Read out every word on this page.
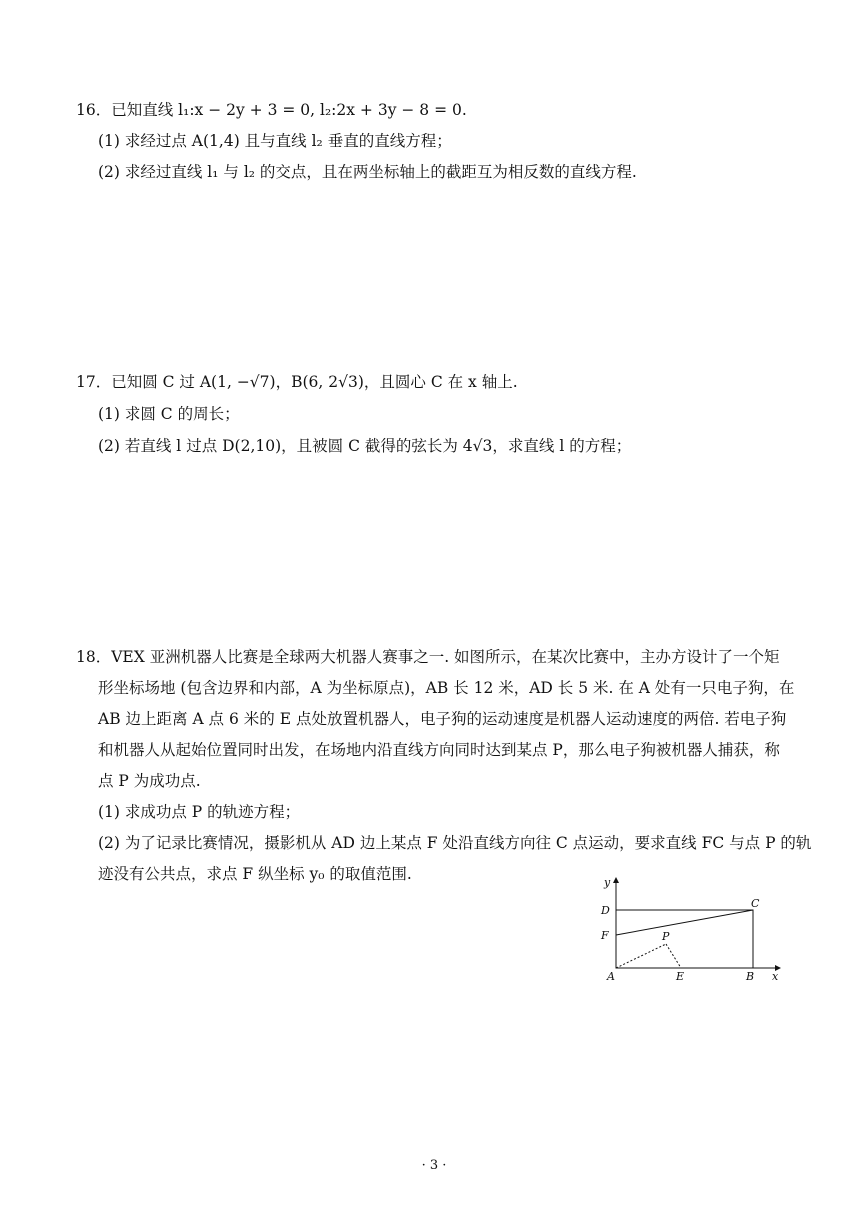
16．已知直线 l₁:x − 2y + 3 = 0, l₂:2x + 3y − 8 = 0.
(1) 求经过点 A(1,4) 且与直线 l₂ 垂直的直线方程；
(2) 求经过直线 l₁ 与 l₂ 的交点，且在两坐标轴上的截距互为相反数的直线方程.
17．已知圆 C 过 A(1, −√7)，B(6, 2√3)，且圆心 C 在 x 轴上.
(1) 求圆 C 的周长；
(2) 若直线 l 过点 D(2,10)，且被圆 C 截得的弦长为 4√3，求直线 l 的方程；
18．VEX 亚洲机器人比赛是全球两大机器人赛事之一. 如图所示，在某次比赛中，主办方设计了一个矩
形坐标场地 (包含边界和内部，A 为坐标原点)，AB 长 12 米，AD 长 5 米. 在 A 处有一只电子狗，在
AB 边上距离 A 点 6 米的 E 点处放置机器人，电子狗的运动速度是机器人运动速度的两倍. 若电子狗
和机器人从起始位置同时出发，在场地内沿直线方向同时达到某点 P，那么电子狗被机器人捕获，称
点 P 为成功点.
(1) 求成功点 P 的轨迹方程；
(2) 为了记录比赛情况，摄影机从 AD 边上某点 F 处沿直线方向往 C 点运动，要求直线 FC 与点 P 的轨
迹没有公共点，求点 F 纵坐标 y₀ 的取值范围.	y
x
D
F
A	E	B
C
P
· 3 ·
